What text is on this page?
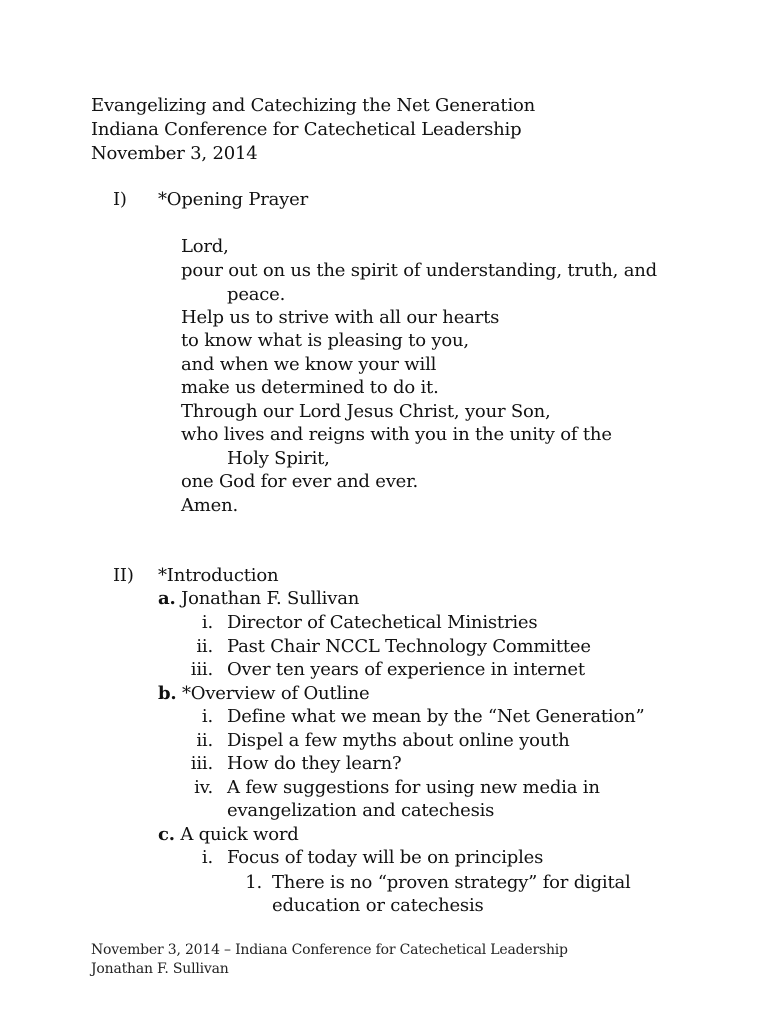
Evangelizing and Catechizing the Net Generation
Indiana Conference for Catechetical Leadership
November 3, 2014
I) *Opening Prayer
Lord,
pour out on us the spirit of understanding, truth, and
peace.
Help us to strive with all our hearts
to know what is pleasing to you,
and when we know your will
make us determined to do it.
Through our Lord Jesus Christ, your Son,
who lives and reigns with you in the unity of the
Holy Spirit,
one God for ever and ever.
Amen.
II) *Introduction
a. Jonathan F. Sullivan
i. Director of Catechetical Ministries
ii. Past Chair NCCL Technology Committee
iii. Over ten years of experience in internet
b. *Overview of Outline
i. Define what we mean by the “Net Generation”
ii. Dispel a few myths about online youth
iii. How do they learn?
iv. A few suggestions for using new media in
evangelization and catechesis
c. A quick word
i. Focus of today will be on principles
1. There is no “proven strategy” for digital
education or catechesis
November 3, 2014 – Indiana Conference for Catechetical Leadership
Jonathan F. Sullivan
